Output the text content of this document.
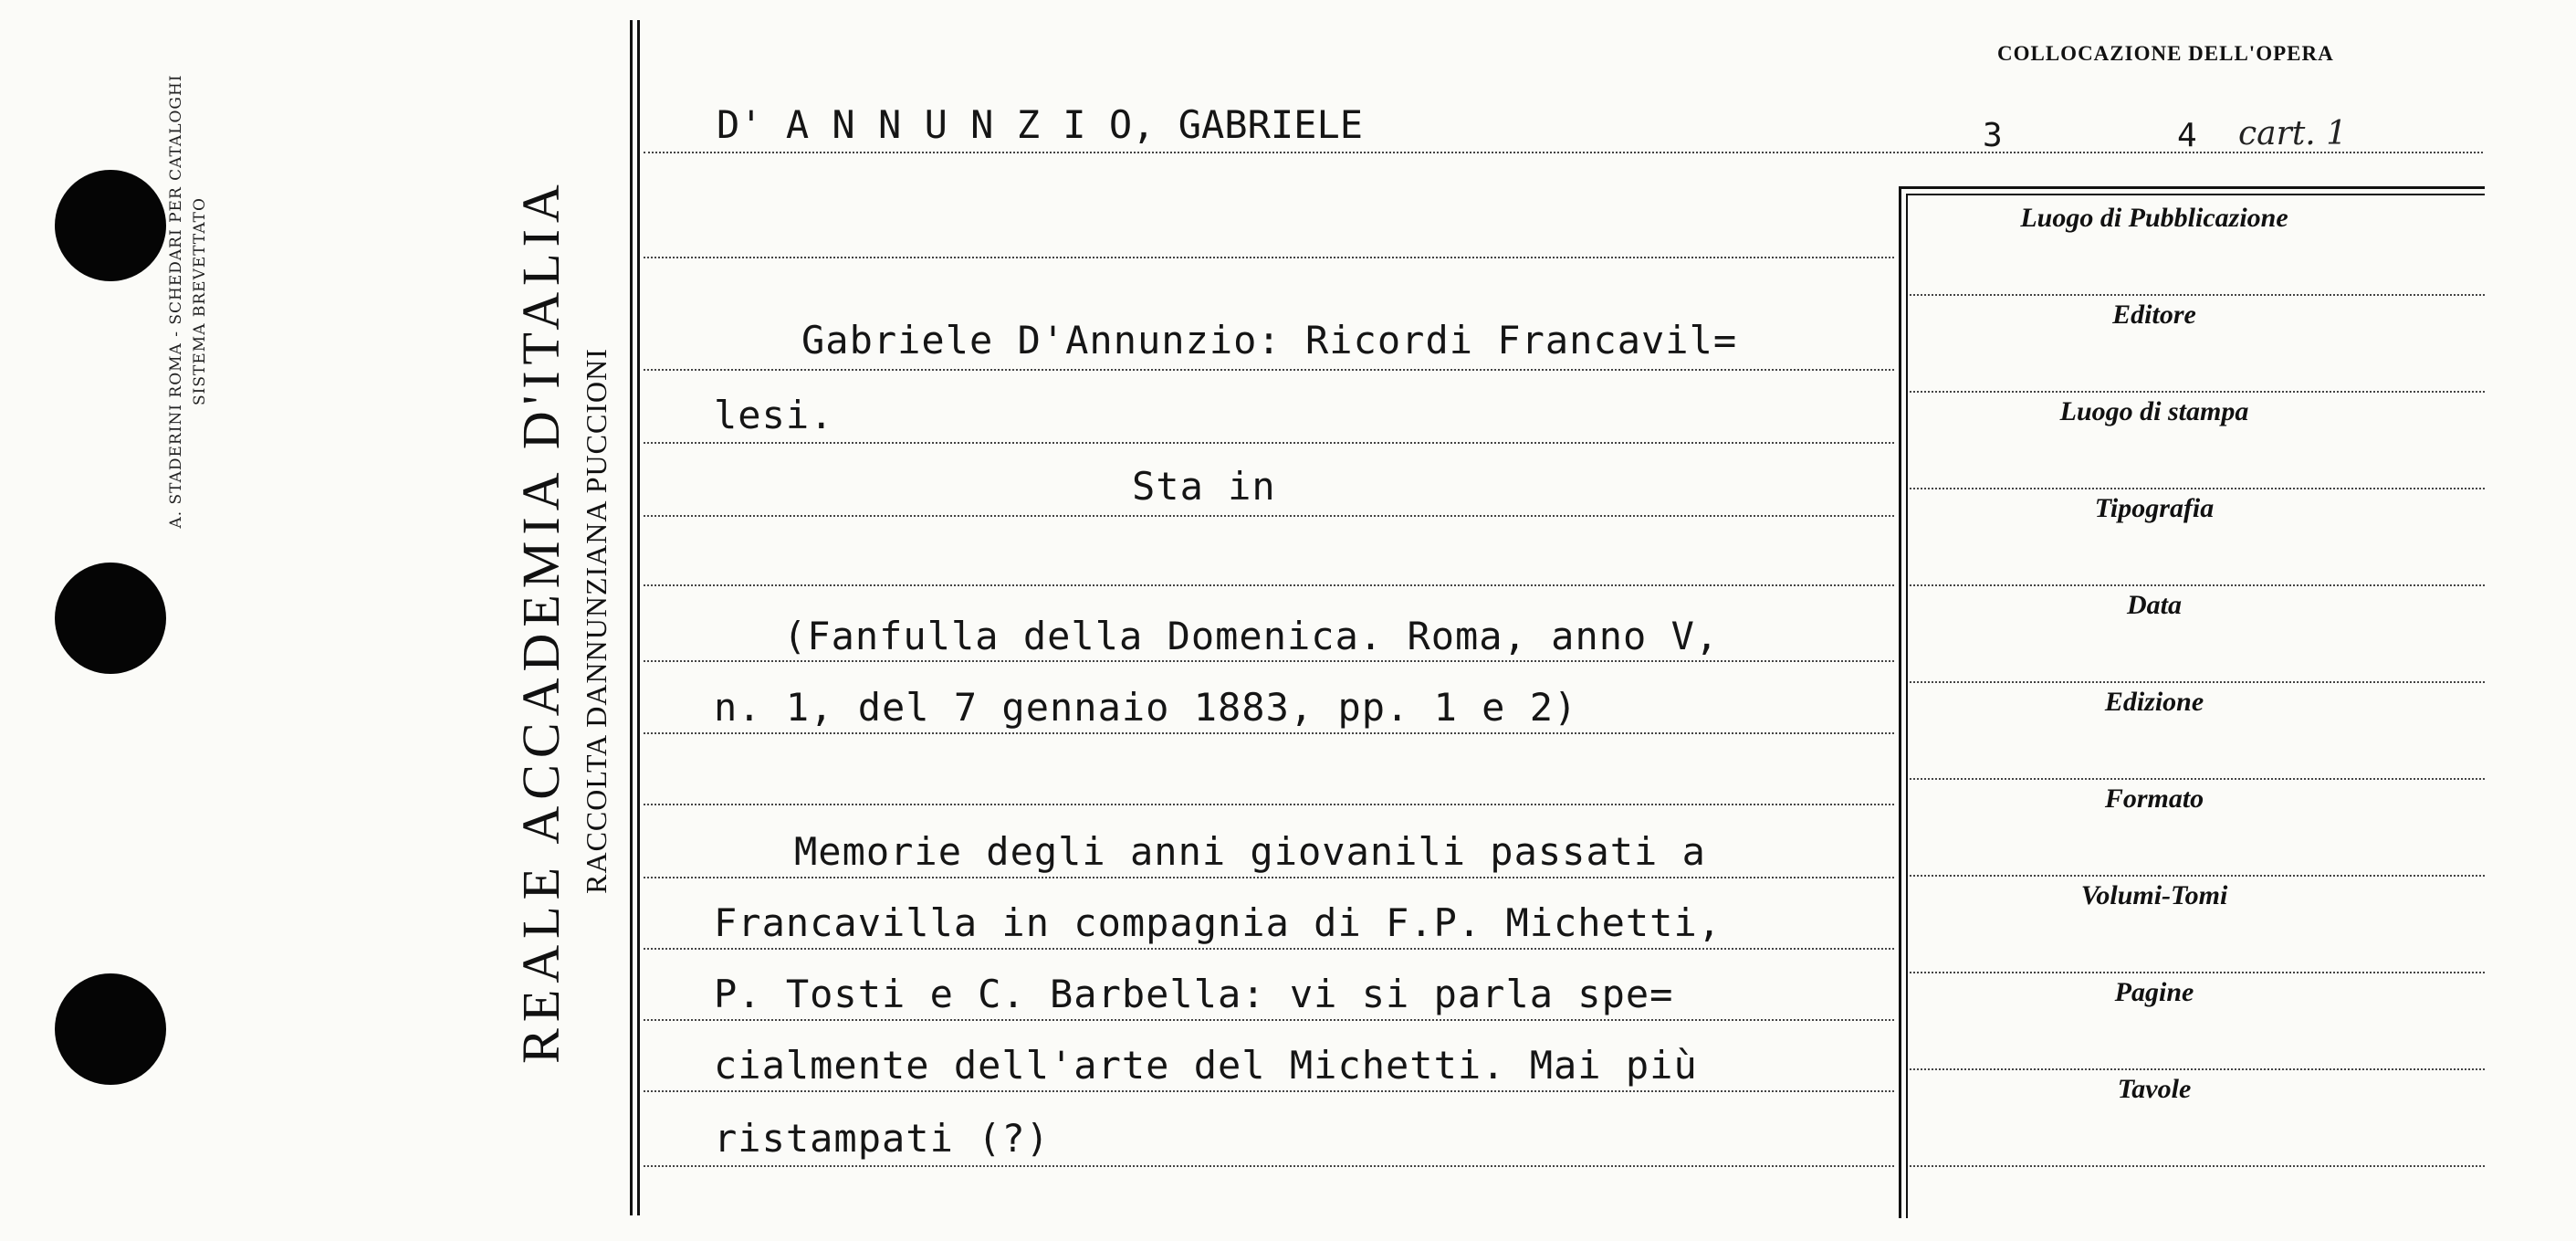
A. STADERINI ROMA - SCHEDARI PER CATALOGHI SISTEMA BREVETTATO	REALE ACCADEMIA D'ITALIA RACCOLTA DANNUNZIANA PUCCIONI
COLLOCAZIONE DELL'OPERA
3	4 cart. 1
Luogo di Pubblicazione
Editore
Luogo di stampa
Tipografia
Data
Edizione
Formato
Volumi-Tomi
Pagine
Tavole
D' A N N U N Z I O, GABRIELE
Gabriele D'Annunzio: Ricordi Francavil=
lesi.
Sta in
(Fanfulla della Domenica. Roma, anno V,
n. 1, del 7 gennaio 1883, pp. 1 e 2)
Memorie degli anni giovanili passati a
Francavilla in compagnia di F.P. Michetti,
P. Tosti e C. Barbella: vi si parla spe=
cialmente dell'arte del Michetti. Mai più
ristampati (?)
